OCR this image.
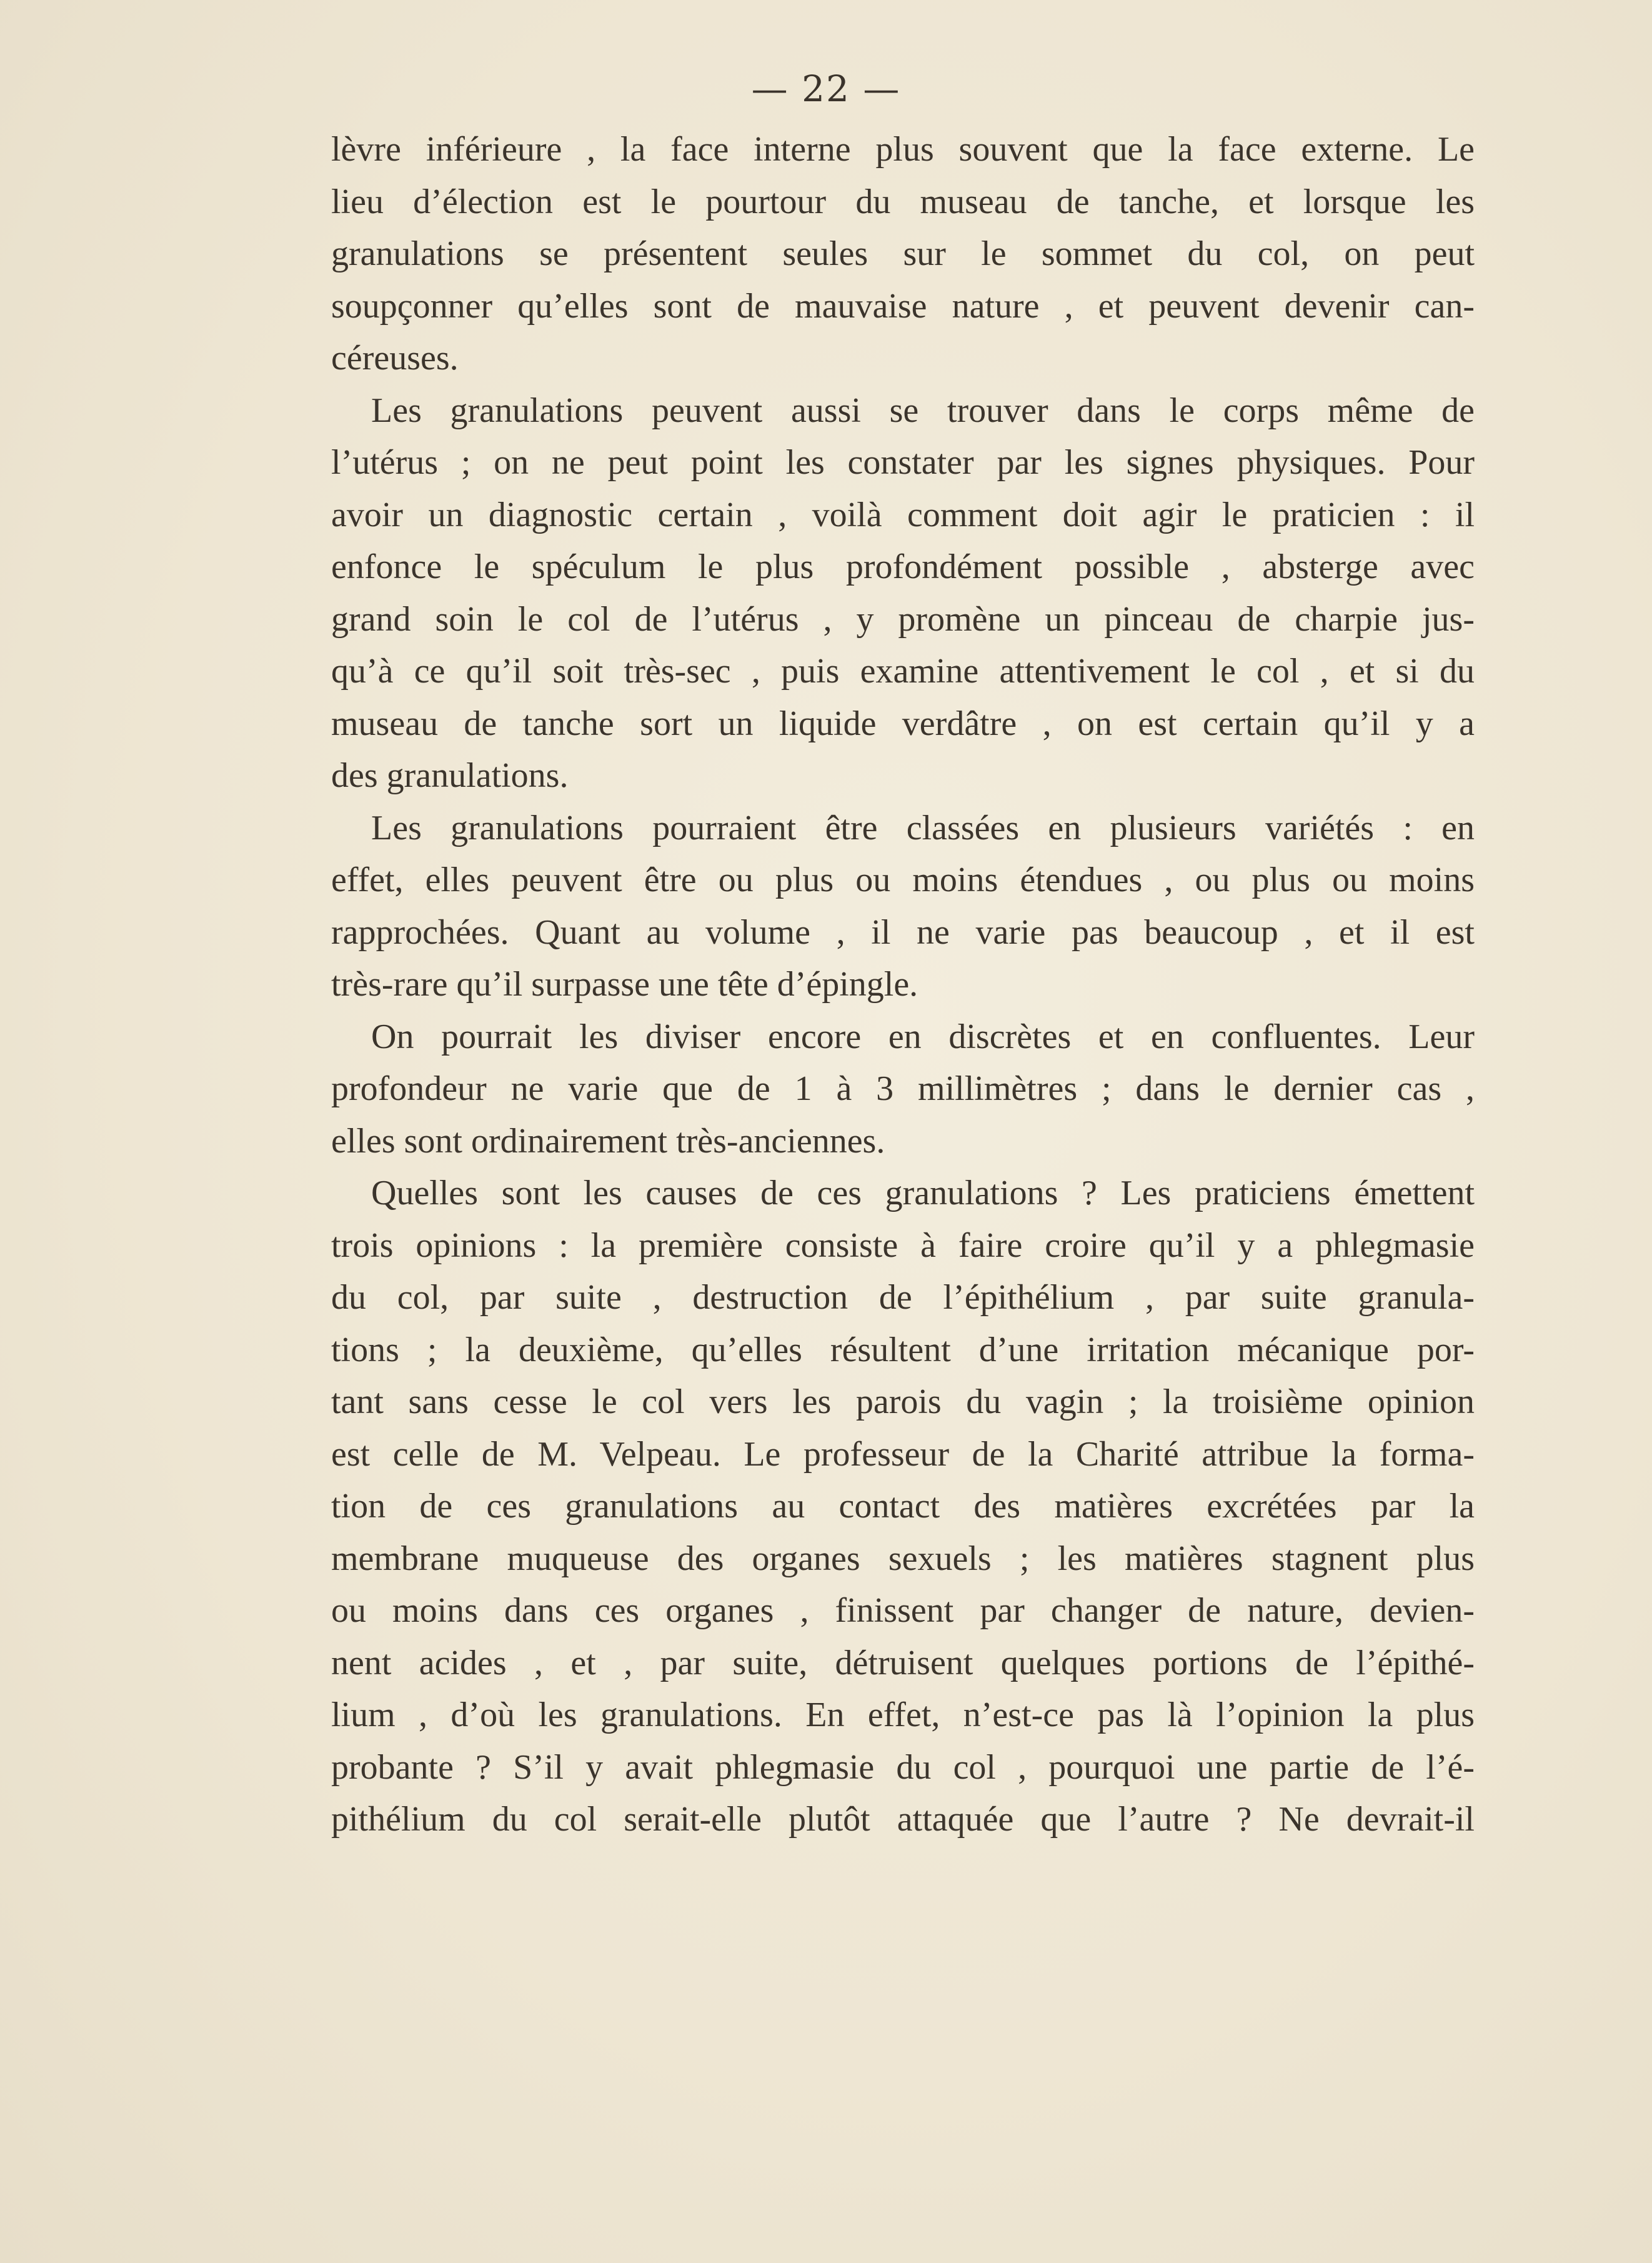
— 22 —
lèvre inférieure , la face interne plus souvent que la face externe. Le
lieu d’élection est le pourtour du museau de tanche, et lorsque les
granulations se présentent seules sur le sommet du col, on peut
soupçonner qu’elles sont de mauvaise nature , et peuvent devenir can-
céreuses.
Les granulations peuvent aussi se trouver dans le corps même de
l’utérus ; on ne peut point les constater par les signes physiques. Pour
avoir un diagnostic certain , voilà comment doit agir le praticien : il
enfonce le spéculum le plus profondément possible , absterge avec
grand soin le col de l’utérus , y promène un pinceau de charpie jus-
qu’à ce qu’il soit très-sec , puis examine attentivement le col , et si du
museau de tanche sort un liquide verdâtre , on est certain qu’il y a
des granulations.
Les granulations pourraient être classées en plusieurs variétés : en
effet, elles peuvent être ou plus ou moins étendues , ou plus ou moins
rapprochées. Quant au volume , il ne varie pas beaucoup , et il est
très-rare qu’il surpasse une tête d’épingle.
On pourrait les diviser encore en discrètes et en confluentes. Leur
profondeur ne varie que de 1 à 3 millimètres ; dans le dernier cas ,
elles sont ordinairement très-anciennes.
Quelles sont les causes de ces granulations ? Les praticiens émettent
trois opinions : la première consiste à faire croire qu’il y a phlegmasie
du col, par suite , destruction de l’épithélium , par suite granula-
tions ; la deuxième, qu’elles résultent d’une irritation mécanique por-
tant sans cesse le col vers les parois du vagin ; la troisième opinion
est celle de M. Velpeau. Le professeur de la Charité attribue la forma-
tion de ces granulations au contact des matières excrétées par la
membrane muqueuse des organes sexuels ; les matières stagnent plus
ou moins dans ces organes , finissent par changer de nature, devien-
nent acides , et , par suite, détruisent quelques portions de l’épithé-
lium , d’où les granulations. En effet, n’est-ce pas là l’opinion la plus
probante ? S’il y avait phlegmasie du col , pourquoi une partie de l’é-
pithélium du col serait-elle plutôt attaquée que l’autre ? Ne devrait-il
